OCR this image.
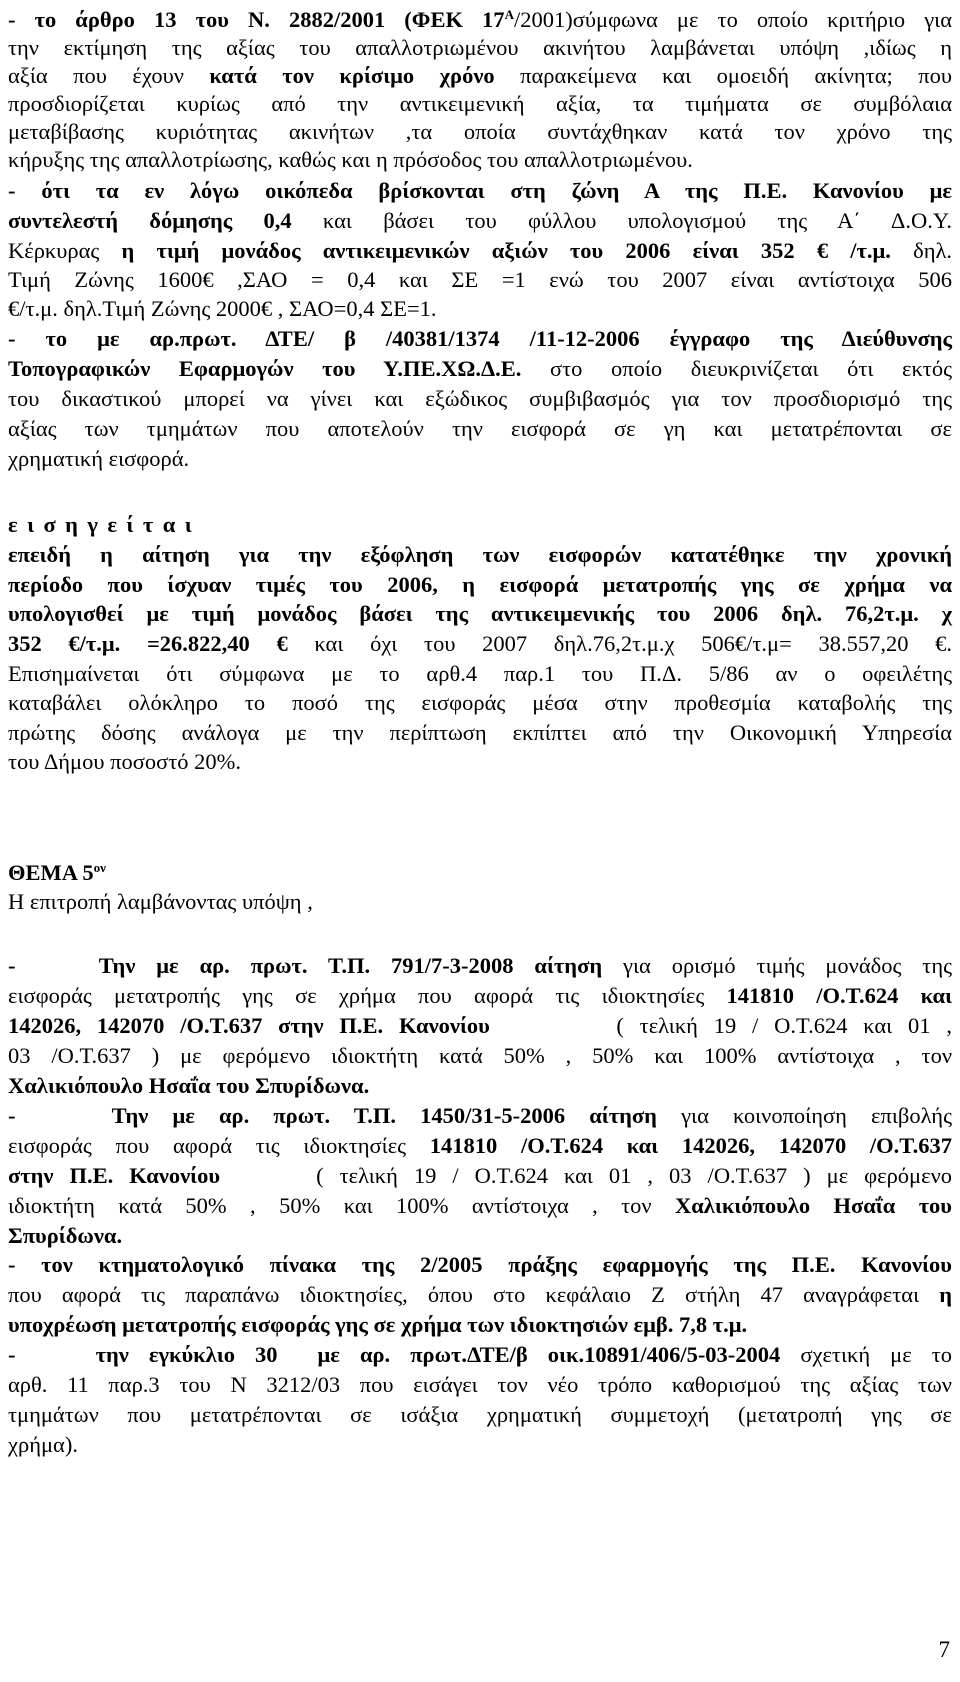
- το άρθρο 13 του Ν. 2882/2001 (ΦΕΚ $17^A/2001)\sigma ύ\mu\varphi\omega\nu\alpha$ με το οποίο κριτήριο για
την εκτίμηση της αξίας του απαλλοτριωμένου ακινήτου λαμβάνεται υπόψη ,ιδίως η
αξία που έχουν κατά τον κρίσιμο χρόνο παρακείμενα και ομοειδή ακίνητα; που
προσδιορίζεται κυρίως από την αντικειμενική αξία, τα τιμήματα σε συμβόλαια
μεταβίβασης κυριότητας ακινήτων ,τα οποία συντάχθηκαν κατά τον χρόνο της
κήρυξης της απαλλοτρίωσης, καθώς και η πρόσοδος του απαλλοτριωμένου.
- ότι τα εν λόγω οικόπεδα βρίσκονται στη ζώνη Α της Π.Ε. Κανονίου με
συντελεστή δόμησης 0,4 και βάσει του φύλλου υπολογισμού της Α΄ Δ.Ο.Υ.
Κέρκυρας η τιμή μονάδος αντικειμενικών αξιών του 2006 είναι 352 € /τ.μ. δηλ.
Τιμή Ζώνης 1600€ ,ΣΑΟ = 0,4 και ΣΕ =1 ενώ του 2007 είναι αντίστοιχα 506
€/τ.μ. δηλ.Τιμή Ζώνης 2000€ , ΣΑΟ=0,4 ΣΕ=1.
- το με αρ.πρωτ. ΔΤΕ/ β /40381/1374 /11-12-2006 έγγραφο της Διεύθυνσης
Τοπογραφικών Εφαρμογών του Υ.ΠΕ.ΧΩ.Δ.Ε. στο οποίο διευκρινίζεται ότι εκτός
του δικαστικού μπορεί να γίνει και εξώδικος συμβιβασμός για τον προσδιορισμό της
αξίας των τμημάτων που αποτελούν την εισφορά σε γη και μετατρέπονται σε
χρηματική εισφορά.
εισηγείται
επειδή η αίτηση για την εξόφληση των εισφορών κατατέθηκε την χρονική
περίοδο που ίσχυαν τιμές του 2006, η εισφορά μετατροπής γης σε χρήμα να
υπολογισθεί με τιμή μονάδος βάσει της αντικειμενικής του 2006 δηλ. 76,2τ.μ. χ
352 €/τ.μ. =26.822,40 € και όχι του 2007 δηλ.76,2τ.μ.χ 506€/τ.μ= 38.557,20 €.
Επισημαίνεται ότι σύμφωνα με το αρθ.4 παρ.1 του Π.Δ. 5/86 αν ο οφειλέτης
καταβάλει ολόκληρο το ποσό της εισφοράς μέσα στην προθεσμία καταβολής της
πρώτης δόσης ανάλογα με την περίπτωση εκπίπτει από την Οικονομική Υπηρεσία
του Δήμου ποσοστό 20%.
ΘΕΜΑ $5^{o\nu}$
Η επιτροπή λαμβάνοντας υπόψη ,
-    Την με αρ. πρωτ. Τ.Π. 791/7-3-2008 αίτηση για ορισμό τιμής μονάδος της
εισφοράς μετατροπής γης σε χρήμα που αφορά τις ιδιοκτησίες 141810 /Ο.Τ.624 και
142026, 142070 /Ο.Τ.637 στην Π.Ε. Κανονίου        ( τελική 19 / Ο.Τ.624 και 01 ,
03 /Ο.Τ.637 ) με φερόμενο ιδιοκτήτη κατά 50% , 50% και 100% αντίστοιχα , τον
Χαλικιόπουλο Ησαΐα του Σπυρίδωνα.
-    Την με αρ. πρωτ. Τ.Π. 1450/31-5-2006 αίτηση για κοινοποίηση επιβολής
εισφοράς που αφορά τις ιδιοκτησίες 141810 /Ο.Τ.624 και 142026, 142070 /Ο.Τ.637
στην Π.Ε. Κανονίου      ( τελική 19 / Ο.Τ.624 και 01 , 03 /Ο.Τ.637 ) με φερόμενο
ιδιοκτήτη κατά 50% , 50% και 100% αντίστοιχα , τον Χαλικιόπουλο Ησαΐα του
Σπυρίδωνα.
- τον κτηματολογικό πίνακα της 2/2005 πράξης εφαρμογής της Π.Ε. Κανονίου
που αφορά τις παραπάνω ιδιοκτησίες, όπου στο κεφάλαιο Ζ στήλη 47 αναγράφεται η
υποχρέωση μετατροπής εισφοράς γης σε χρήμα των ιδιοκτησιών εμβ. 7,8 τ.μ.
-    την εγκύκλιο 30  με αρ. πρωτ.ΔΤΕ/β οικ.10891/406/5-03-2004 σχετική με το
αρθ. 11 παρ.3 του Ν 3212/03 που εισάγει τον νέο τρόπο καθορισμού της αξίας των
τμημάτων που μετατρέπονται σε ισάξια χρηματική συμμετοχή (μετατροπή γης σε
χρήμα).
7
